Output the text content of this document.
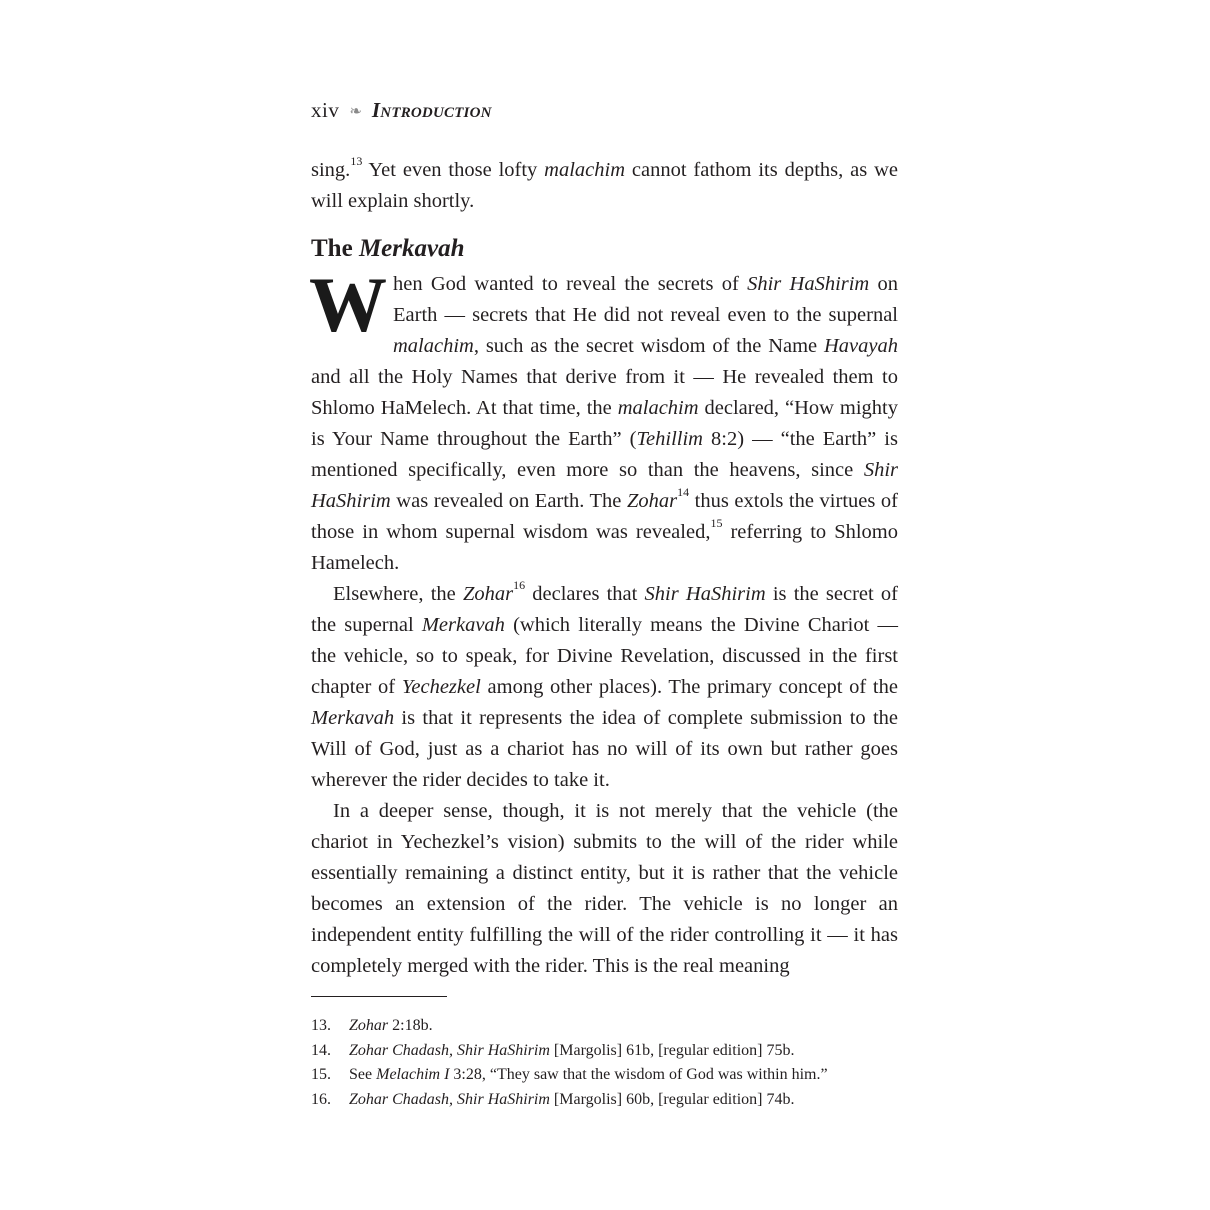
xiv ❧ Introduction

sing.$^{13}$ Yet even those lofty malachim cannot fathom its depths, as we will explain shortly.

The Merkavah

When God wanted to reveal the secrets of Shir HaShirim on Earth — secrets that He did not reveal even to the supernal malachim, such as the secret wisdom of the Name Havayah and all the Holy Names that derive from it — He revealed them to Shlomo HaMelech. At that time, the malachim declared, “How mighty is Your Name throughout the Earth” (Tehillim 8:2) — “the Earth” is mentioned specifically, even more so than the heavens, since Shir HaShirim was revealed on Earth. The Zohar$^{14}$ thus extols the virtues of those in whom supernal wisdom was revealed,$^{15}$ referring to Shlomo Hamelech.

Elsewhere, the Zohar$^{16}$ declares that Shir HaShirim is the secret of the supernal Merkavah (which literally means the Divine Chariot — the vehicle, so to speak, for Divine Revelation, discussed in the first chapter of Yechezkel among other places). The primary concept of the Merkavah is that it represents the idea of complete submission to the Will of God, just as a chariot has no will of its own but rather goes wherever the rider decides to take it.

In a deeper sense, though, it is not merely that the vehicle (the chariot in Yechezkel’s vision) submits to the will of the rider while essentially remaining a distinct entity, but it is rather that the vehicle becomes an extension of the rider. The vehicle is no longer an independent entity fulfilling the will of the rider controlling it — it has completely merged with the rider. This is the real meaning

13. Zohar 2:18b.
14. Zohar Chadash, Shir HaShirim [Margolis] 61b, [regular edition] 75b.
15. See Melachim I 3:28, “They saw that the wisdom of God was within him.”
16. Zohar Chadash, Shir HaShirim [Margolis] 60b, [regular edition] 74b.
